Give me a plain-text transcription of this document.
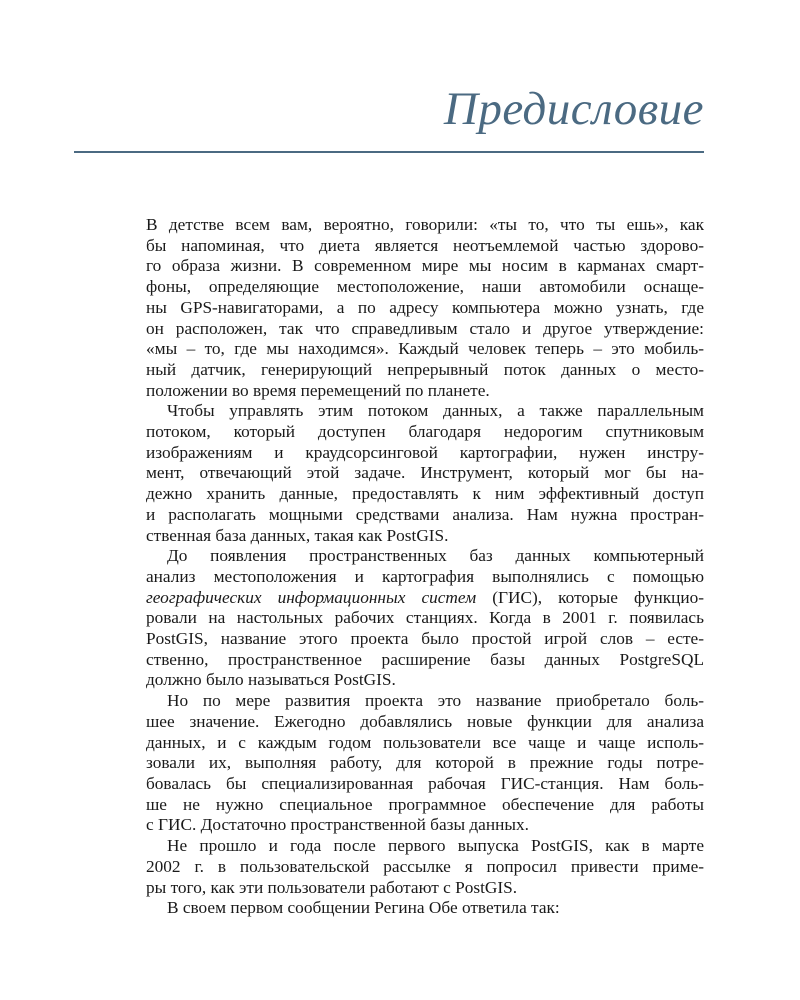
Предисловие

В детстве всем вам, вероятно, говорили: «ты то, что ты ешь», как
бы напоминая, что диета является неотъемлемой частью здорово-
го образа жизни. В современном мире мы носим в карманах смарт-
фоны, определяющие местоположение, наши автомобили оснаще-
ны GPS-навигаторами, а по адресу компьютера можно узнать, где
он расположен, так что справедливым стало и другое утверждение:
«мы – то, где мы находимся». Каждый человек теперь – это мобиль-
ный датчик, генерирующий непрерывный поток данных о место-
положении во время перемещений по планете.

Чтобы управлять этим потоком данных, а также параллельным
потоком, который доступен благодаря недорогим спутниковым
изображениям и краудсорсинговой картографии, нужен инстру-
мент, отвечающий этой задаче. Инструмент, который мог бы на-
дежно хранить данные, предоставлять к ним эффективный доступ
и располагать мощными средствами анализа. Нам нужна простран-
ственная база данных, такая как PostGIS.

До появления пространственных баз данных компьютерный
анализ местоположения и картография выполнялись с помощью
географических информационных систем (ГИС), которые функцио-
ровали на настольных рабочих станциях. Когда в 2001 г. появилась
PostGIS, название этого проекта было простой игрой слов – есте-
ственно, пространственное расширение базы данных PostgreSQL
должно было называться PostGIS.

Но по мере развития проекта это название приобретало боль-
шее значение. Ежегодно добавлялись новые функции для анализа
данных, и с каждым годом пользователи все чаще и чаще исполь-
зовали их, выполняя работу, для которой в прежние годы потре-
бовалась бы специализированная рабочая ГИС-станция. Нам боль-
ше не нужно специальное программное обеспечение для работы
с ГИС. Достаточно пространственной базы данных.

Не прошло и года после первого выпуска PostGIS, как в марте
2002 г. в пользовательской рассылке я попросил привести приме-
ры того, как эти пользователи работают с PostGIS.

В своем первом сообщении Регина Обе ответила так:
